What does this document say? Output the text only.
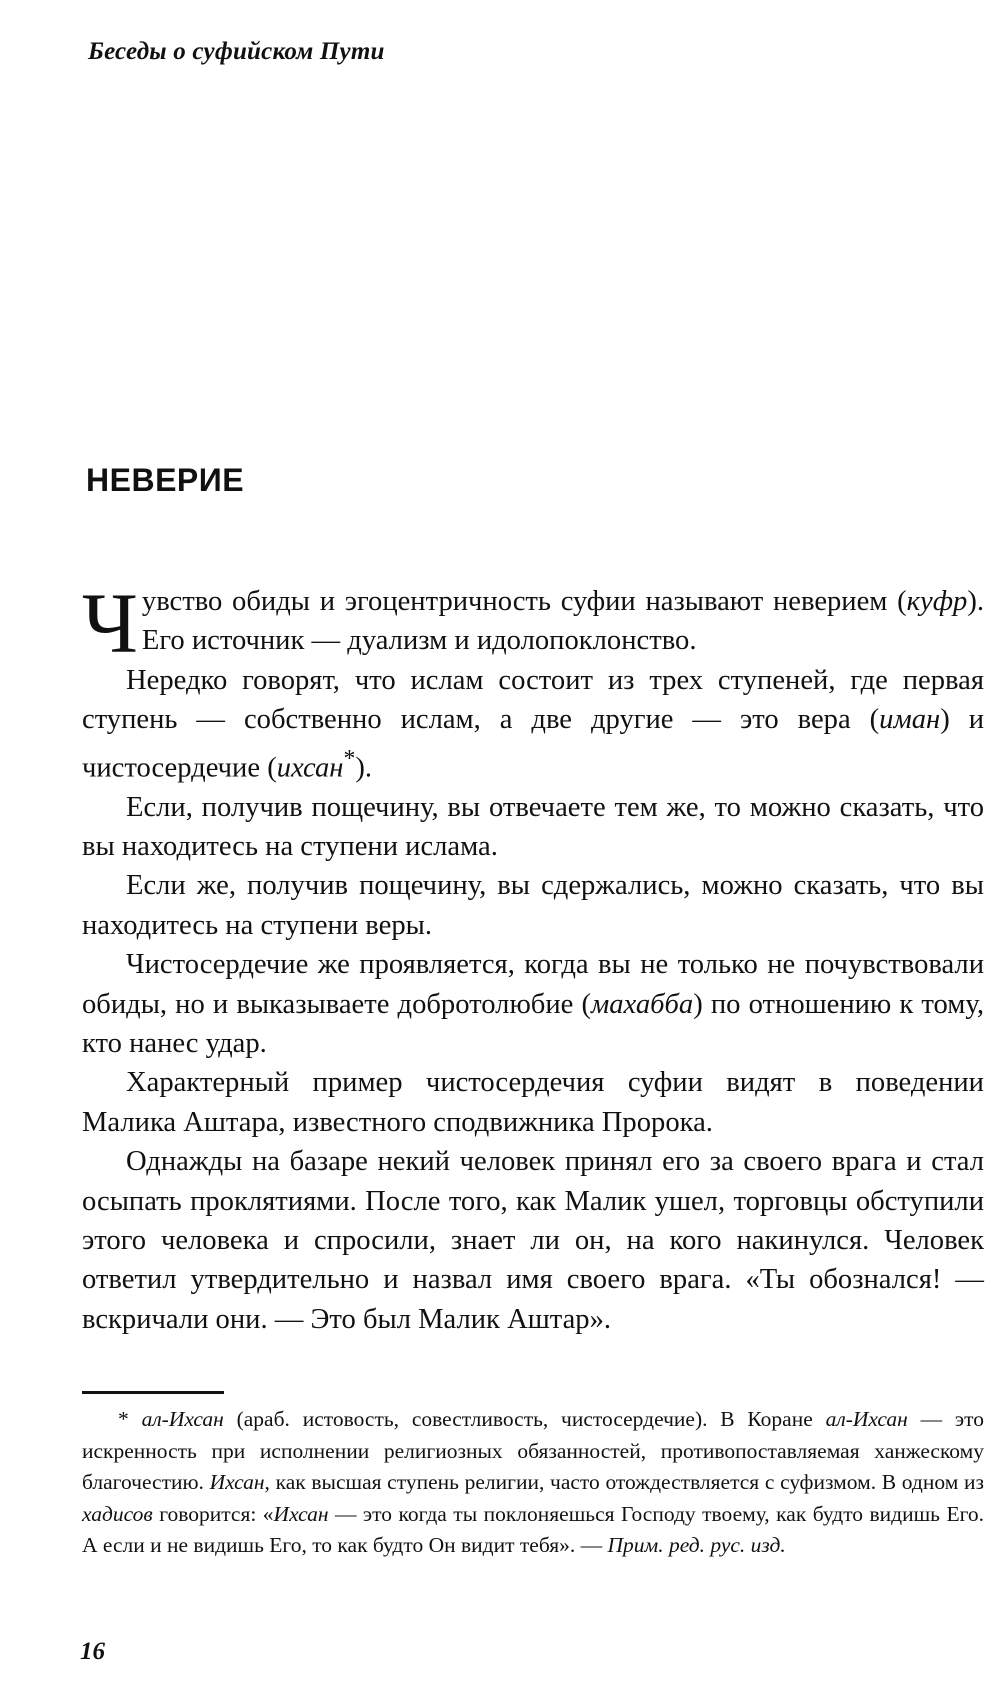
Беседы о суфийском Пути
НЕВЕРИЕ

Чувство обиды и эгоцентричность суфии называют неверием (куфр). Его источник — дуализм и идолопоклонство.

Нередко говорят, что ислам состоит из трех ступеней, где первая ступень — собственно ислам, а две другие — это вера (иман) и чистосердечие (ихсан*).

Если, получив пощечину, вы отвечаете тем же, то можно сказать, что вы находитесь на ступени ислама.

Если же, получив пощечину, вы сдержались, можно сказать, что вы находитесь на ступени веры.

Чистосердечие же проявляется, когда вы не только не почувствовали обиды, но и выказываете добротолюбие (махабба) по отношению к тому, кто нанес удар.

Характерный пример чистосердечия суфии видят в поведении Малика Аштара, известного сподвижника Пророка.

Однажды на базаре некий человек принял его за своего врага и стал осыпать проклятиями. После того, как Малик ушел, торговцы обступили этого человека и спросили, знает ли он, на кого накинулся. Человек ответил утвердительно и назвал имя своего врага. «Ты обознался! — вскричали они. — Это был Малик Аштар».

* ал-Ихсан (араб. истовость, совестливость, чистосердечие). В Коране ал-Ихсан — это искренность при исполнении религиозных обязанностей, противопоставляемая ханжескому благочестию. Ихсан, как высшая ступень религии, часто отождествляется с суфизмом. В одном из хадисов говорится: «Ихсан — это когда ты поклоняешься Господу твоему, как будто видишь Его. А если и не видишь Его, то как будто Он видит тебя». — Прим. ред. рус. изд.

16
